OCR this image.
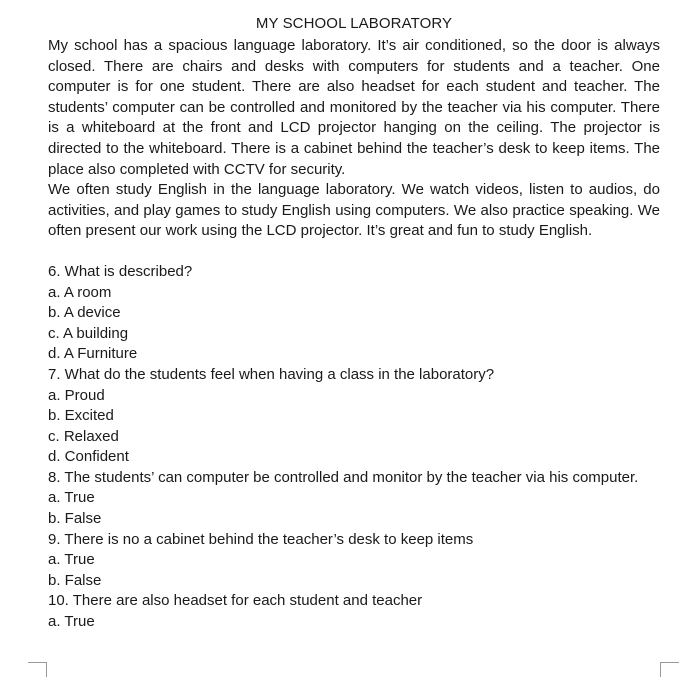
MY SCHOOL LABORATORY

My school has a spacious language laboratory. It’s air conditioned, so the door is always closed. There are chairs and desks with computers for students and a teacher. One computer is for one student. There are also headset for each student and teacher. The students’ computer can be controlled and monitored by the teacher via his computer. There is a whiteboard at the front and LCD projector hanging on the ceiling. The projector is directed to the whiteboard. There is a cabinet behind the teacher’s desk to keep items. The place also completed with CCTV for security.

We often study English in the language laboratory. We watch videos, listen to audios, do activities, and play games to study English using computers. We also practice speaking. We often present our work using the LCD projector. It’s great and fun to study English.

6. What is described?

a. A room

b. A device

c. A building

d. A Furniture

7. What do the students feel when having a class in the laboratory?

a. Proud

b. Excited

c. Relaxed

d. Confident

8. The students’ can computer be controlled and monitor by the teacher via his computer.

a. True

b. False

9. There is no a cabinet behind the teacher’s desk to keep items

a. True

b. False

10. There are also headset for each student and teacher

a. True
